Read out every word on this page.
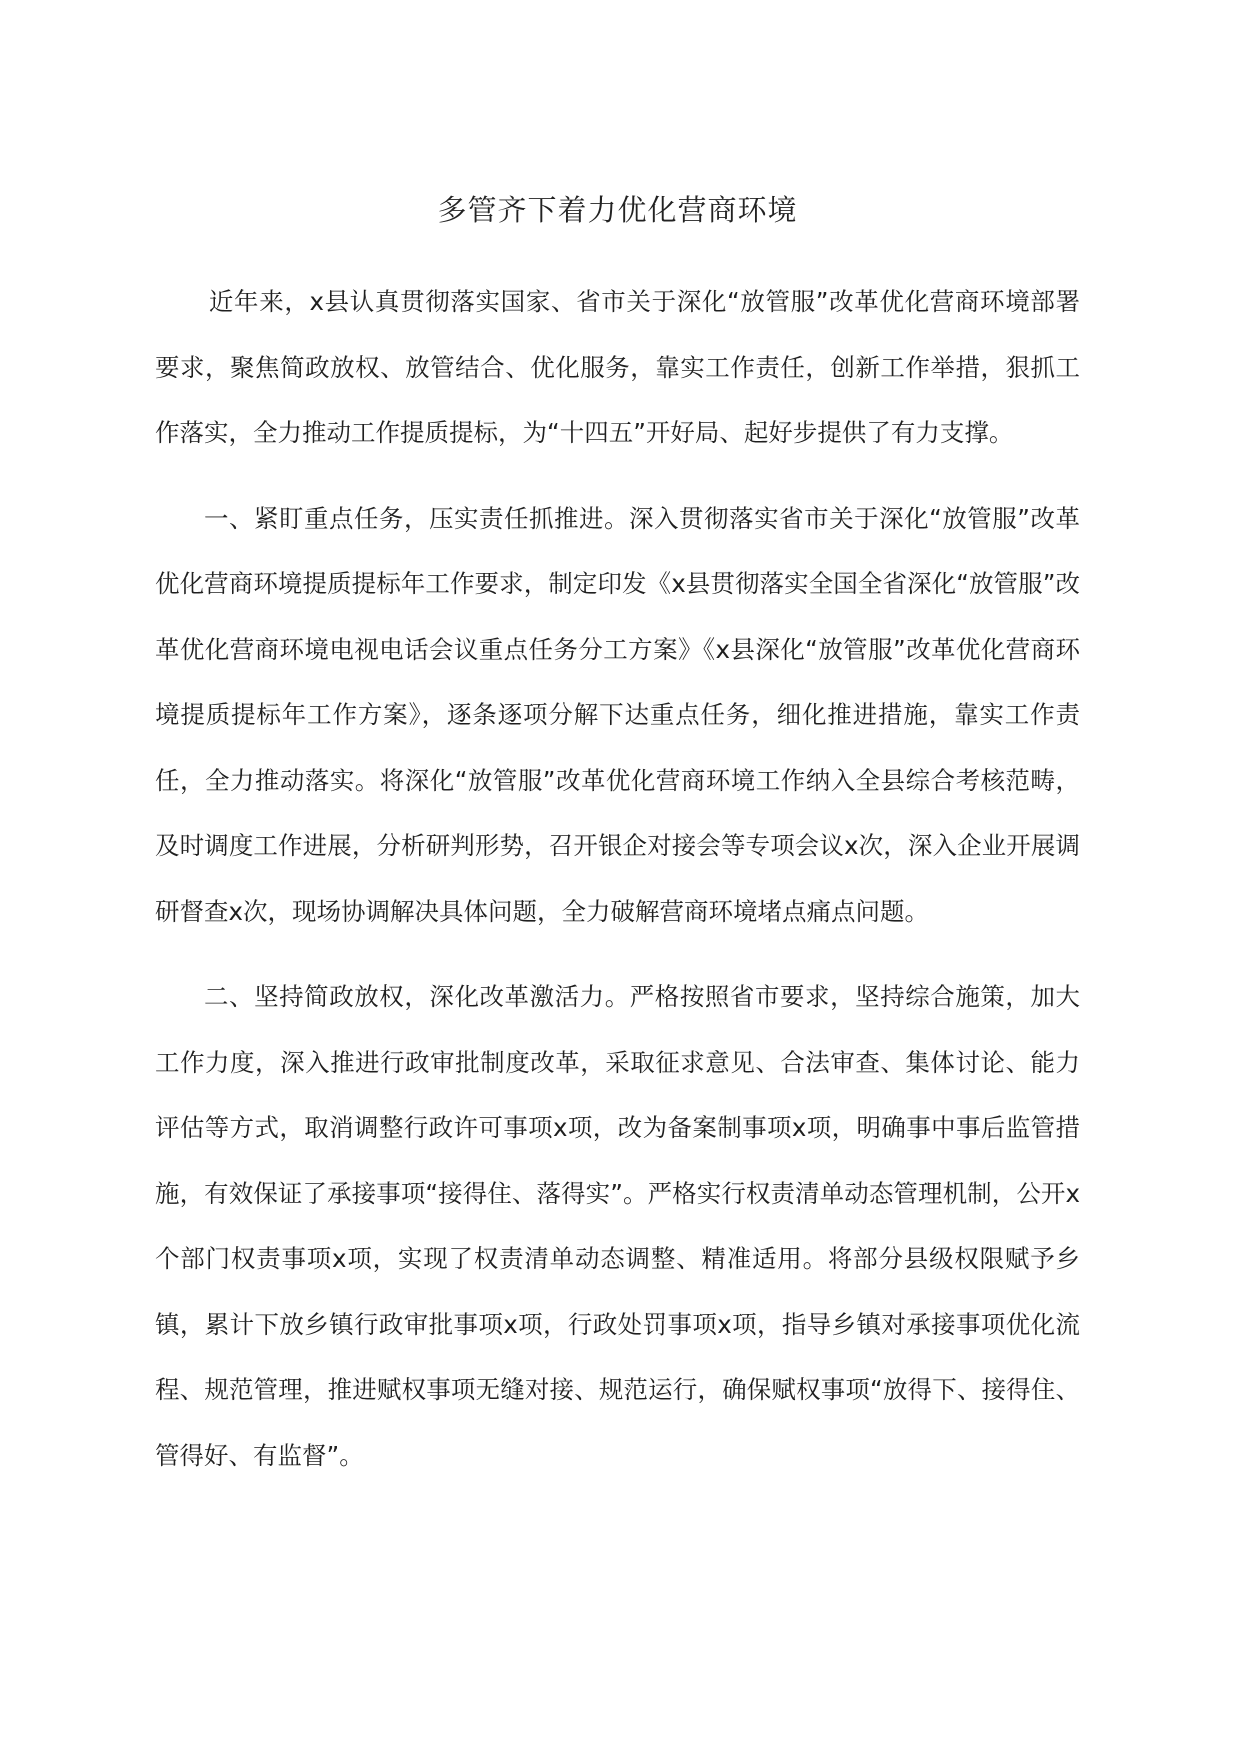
多管齐下着力优化营商环境

近年来，x县认真贯彻落实国家、省市关于深化“放管服”改革优化营商环境部署要求，聚焦简政放权、放管结合、优化服务，靠实工作责任，创新工作举措，狠抓工作落实，全力推动工作提质提标，为“十四五”开好局、起好步提供了有力支撑。

一、紧盯重点任务，压实责任抓推进。深入贯彻落实省市关于深化“放管服”改革优化营商环境提质提标年工作要求，制定印发《x县贯彻落实全国全省深化“放管服”改革优化营商环境电视电话会议重点任务分工方案》《x县深化“放管服”改革优化营商环境提质提标年工作方案》，逐条逐项分解下达重点任务，细化推进措施，靠实工作责任，全力推动落实。将深化“放管服”改革优化营商环境工作纳入全县综合考核范畴，及时调度工作进展，分析研判形势，召开银企对接会等专项会议x次，深入企业开展调研督查x次，现场协调解决具体问题，全力破解营商环境堵点痛点问题。

二、坚持简政放权，深化改革激活力。严格按照省市要求，坚持综合施策，加大工作力度，深入推进行政审批制度改革，采取征求意见、合法审查、集体讨论、能力评估等方式，取消调整行政许可事项x项，改为备案制事项x项，明确事中事后监管措施，有效保证了承接事项“接得住、落得实”。严格实行权责清单动态管理机制，公开x个部门权责事项x项，实现了权责清单动态调整、精准适用。将部分县级权限赋予乡镇，累计下放乡镇行政审批事项x项，行政处罚事项x项，指导乡镇对承接事项优化流程、规范管理，推进赋权事项无缝对接、规范运行，确保赋权事项“放得下、接得住、管得好、有监督”。
